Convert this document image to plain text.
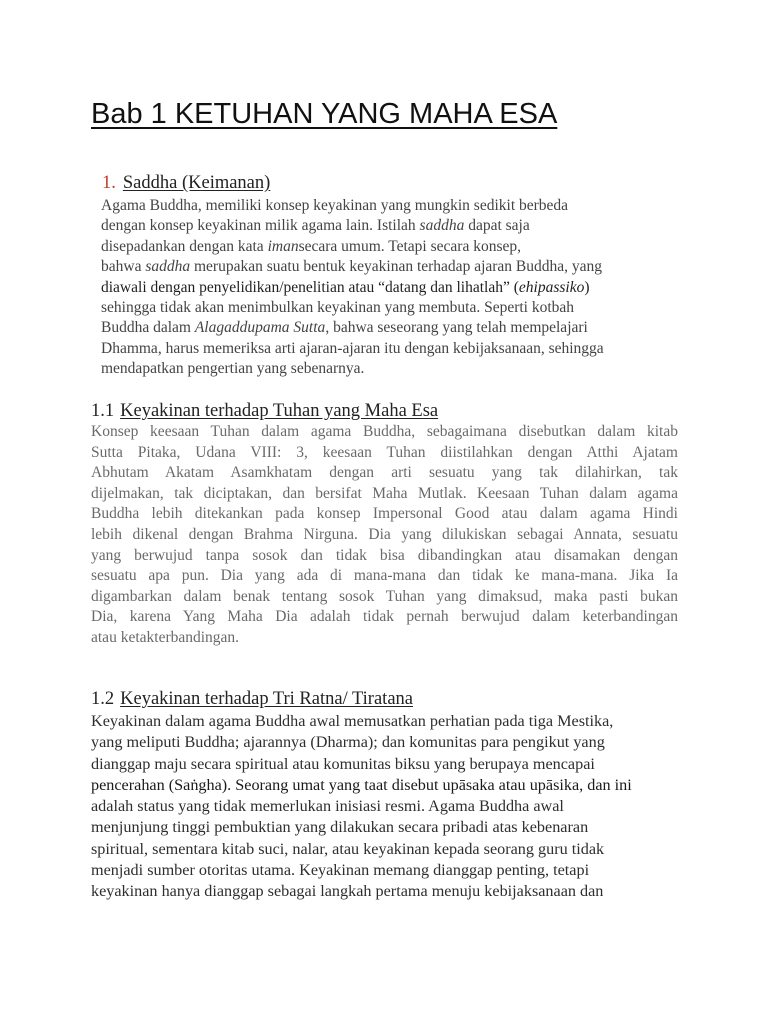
Bab 1 KETUHAN YANG MAHA ESA
1. Saddha (Keimanan)
Agama Buddha, memiliki konsep keyakinan yang mungkin sedikit berbeda
dengan konsep keyakinan milik agama lain. Istilah saddha dapat saja
disepadankan dengan kata imansecara umum. Tetapi secara konsep,
bahwa saddha merupakan suatu bentuk keyakinan terhadap ajaran Buddha, yang
diawali dengan penyelidikan/penelitian atau “datang dan lihatlah” (ehipassiko)
sehingga tidak akan menimbulkan keyakinan yang membuta. Seperti kotbah
Buddha dalam Alagaddupama Sutta, bahwa seseorang yang telah mempelajari
Dhamma, harus memeriksa arti ajaran-ajaran itu dengan kebijaksanaan, sehingga
mendapatkan pengertian yang sebenarnya.
1.1 Keyakinan terhadap Tuhan yang Maha Esa
Konsep keesaan Tuhan dalam agama Buddha, sebagaimana disebutkan dalam kitab
Sutta Pitaka, Udana VIII: 3, keesaan Tuhan diistilahkan dengan Atthi Ajatam
Abhutam Akatam Asamkhatam dengan arti sesuatu yang tak dilahirkan, tak
dijelmakan, tak diciptakan, dan bersifat Maha Mutlak. Keesaan Tuhan dalam agama
Buddha lebih ditekankan pada konsep Impersonal Good atau dalam agama Hindi
lebih dikenal dengan Brahma Nirguna. Dia yang dilukiskan sebagai Annata, sesuatu
yang berwujud tanpa sosok dan tidak bisa dibandingkan atau disamakan dengan
sesuatu apa pun. Dia yang ada di mana-mana dan tidak ke mana-mana. Jika Ia
digambarkan dalam benak tentang sosok Tuhan yang dimaksud, maka pasti bukan
Dia, karena Yang Maha Dia adalah tidak pernah berwujud dalam keterbandingan
atau ketakterbandingan.
1.2 Keyakinan terhadap Tri Ratna/ Tiratana
Keyakinan dalam agama Buddha awal memusatkan perhatian pada tiga Mestika,
yang meliputi Buddha; ajarannya (Dharma); dan komunitas para pengikut yang
dianggap maju secara spiritual atau komunitas biksu yang berupaya mencapai
pencerahan (Saṅgha). Seorang umat yang taat disebut upāsaka atau upāsika, dan ini
adalah status yang tidak memerlukan inisiasi resmi. Agama Buddha awal
menjunjung tinggi pembuktian yang dilakukan secara pribadi atas kebenaran
spiritual, sementara kitab suci, nalar, atau keyakinan kepada seorang guru tidak
menjadi sumber otoritas utama. Keyakinan memang dianggap penting, tetapi
keyakinan hanya dianggap sebagai langkah pertama menuju kebijaksanaan dan
